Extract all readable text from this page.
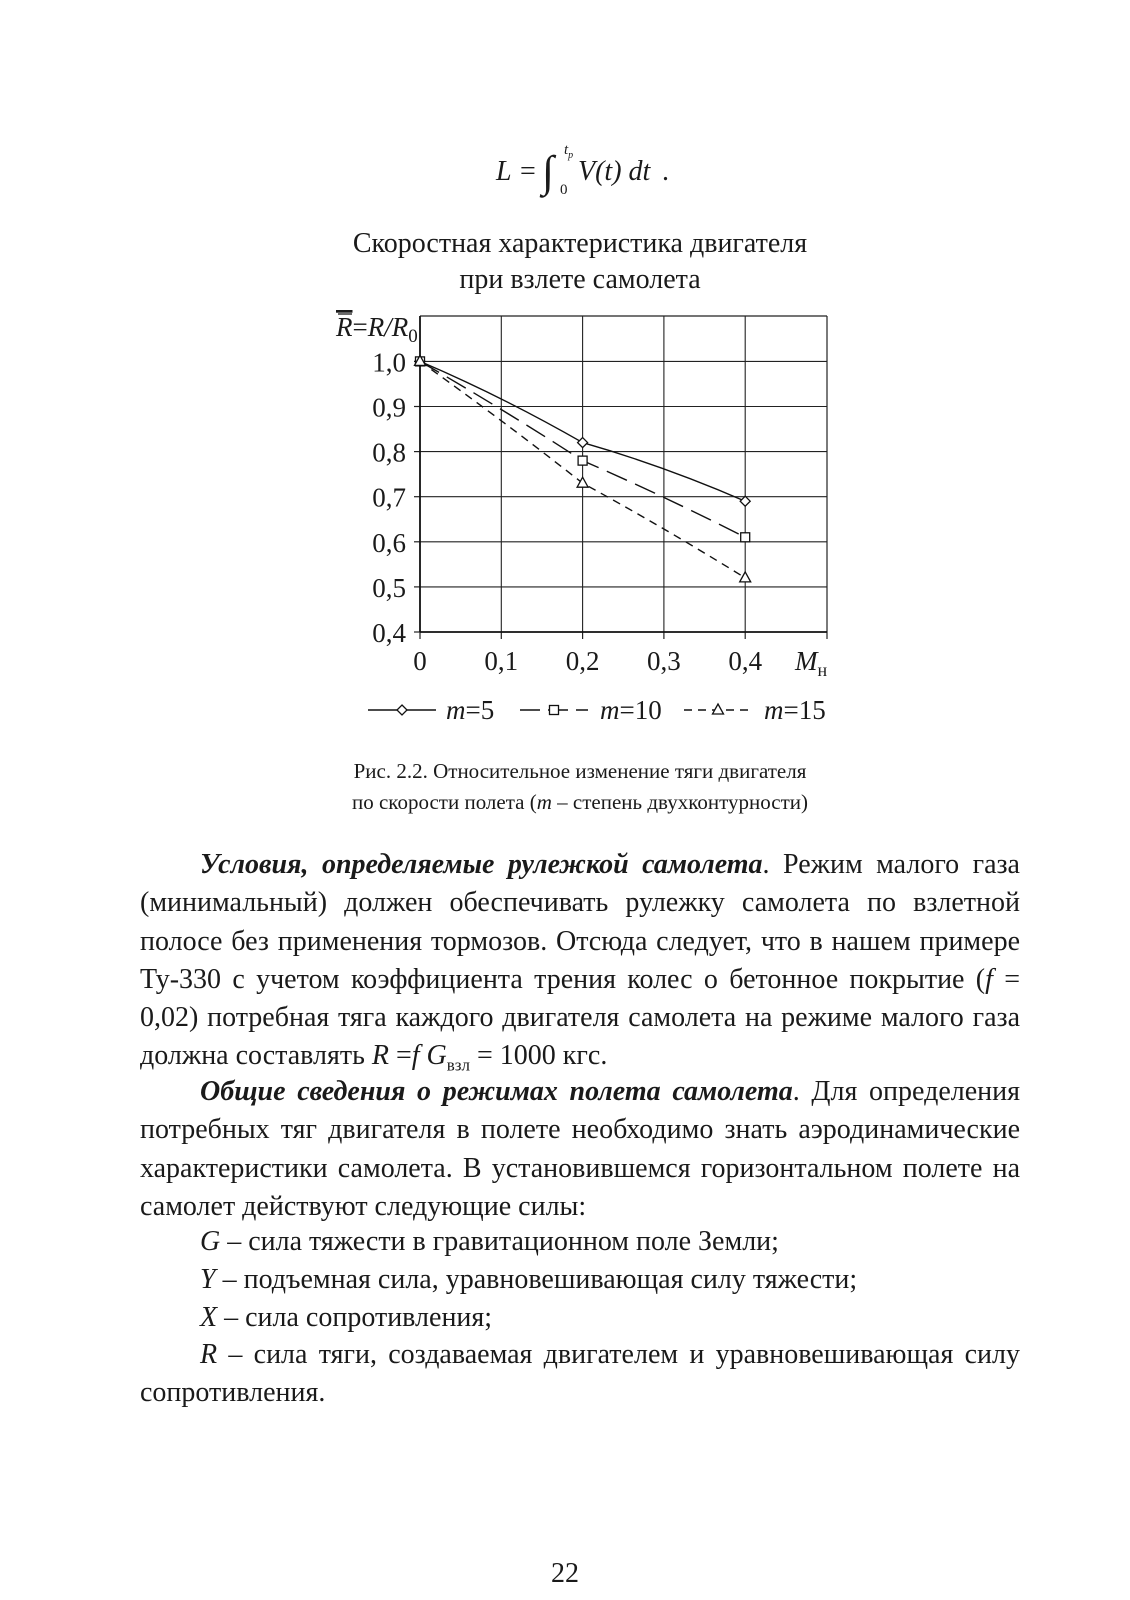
L = ∫ $t_р$
0
V(t) dt .
Скоростная характеристика двигателя
при взлете самолета
0,4
0,5
0,6
0,7
0,8
0,9
1,0
0 0,1 0,2 0,3 0,4
$R=R/R_0$
$M_н$
m=5	m=10	m=15
Рис. 2.2. Относительное изменение тяги двигателя
по скорости полета (m – степень двухконтурности)

Условия, определяемые рулежкой самолета. Режим малого газа (минимальный) должен обеспечивать рулежку самолета по взлетной полосе без применения тормозов. Отсюда следует, что в нашем примере Ту-330 с учетом коэффициента трения колес о бетонное покрытие (f = 0,02) потребная тяга каждого двигателя самолета на режиме малого газа должна составлять R =f $G_{взл} = 1000$ кгс.

Общие сведения о режимах полета самолета. Для определения потребных тяг двигателя в полете необходимо знать аэродинамические характеристики самолета. В установившемся горизонтальном полете на самолет действуют следующие силы:

G – сила тяжести в гравитационном поле Земли;
Y – подъемная сила, уравновешивающая силу тяжести;
X – сила сопротивления;

R – сила тяги, создаваемая двигателем и уравновешивающая силу сопротивления.

22
